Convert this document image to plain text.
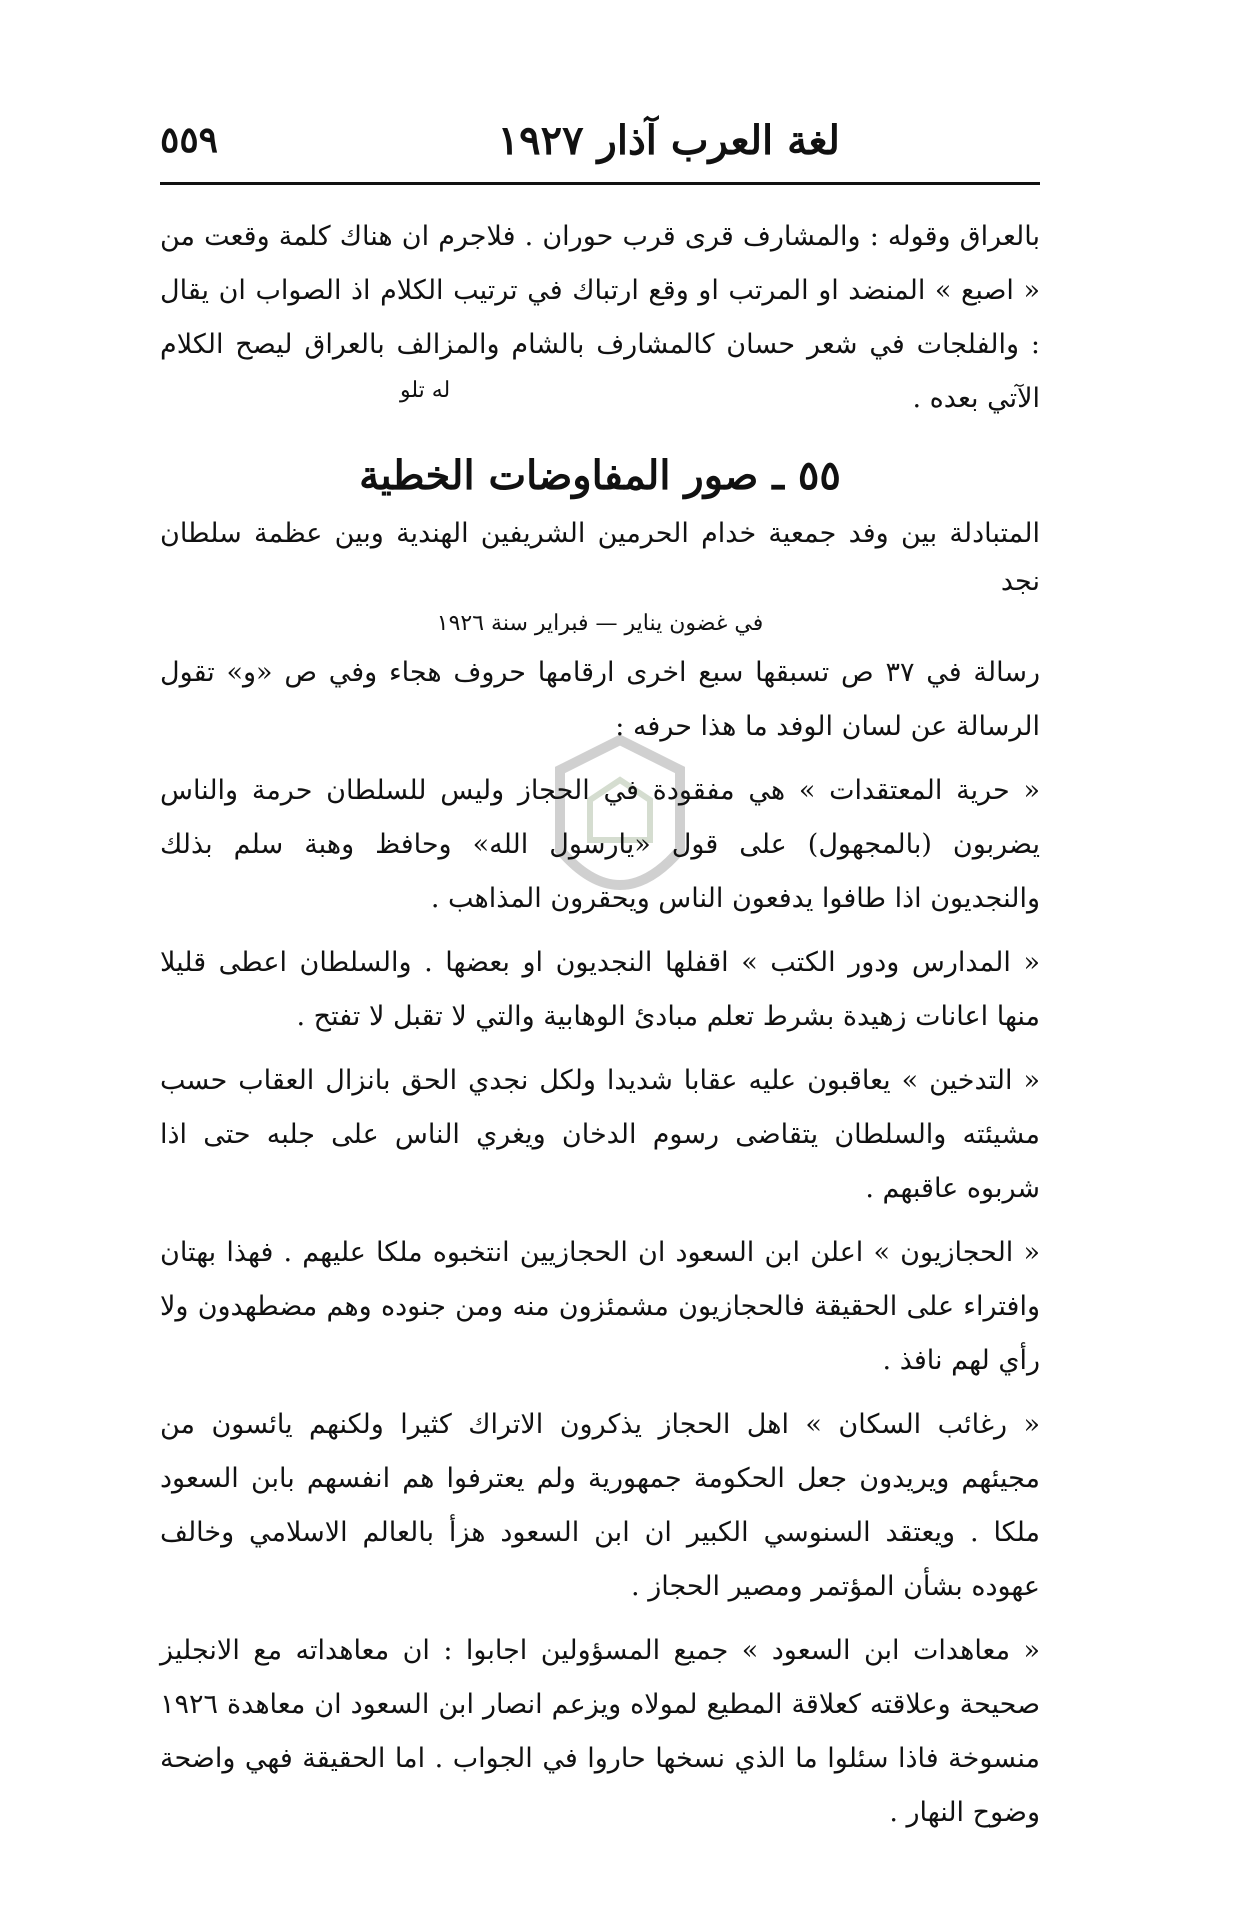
لغة العرب آذار ١٩٢٧
٥٥٩

بالعراق وقوله : والمشارف قرى قرب حوران . فلاجرم ان هناك كلمة وقعت من « اصبع » المنضد او المرتب او وقع ارتباك في ترتيب الكلام اذ الصواب ان يقال : والفلجات في شعر حسان كالمشارف بالشام والمزالف بالعراق ليصح الكلام الآتي بعده .

له تلو
٥٥ ـ صور المفاوضات الخطية

المتبادلة بين وفد جمعية خدام الحرمين الشريفين الهندية وبين عظمة سلطان نجد

في غضون يناير — فبراير سنة ١٩٢٦

رسالة في ٣٧ ص تسبقها سبع اخرى ارقامها حروف هجاء وفي ص «و» تقول الرسالة عن لسان الوفد ما هذا حرفه :

« حرية المعتقدات » هي مفقودة في الحجاز وليس للسلطان حرمة والناس يضربون (بالمجهول) على قول «يارسول الله» وحافظ وهبة سلم بذلك والنجديون اذا طافوا يدفعون الناس ويحقرون المذاهب .

« المدارس ودور الكتب » اقفلها النجديون او بعضها . والسلطان اعطى قليلا منها اعانات زهيدة بشرط تعلم مبادئ الوهابية والتي لا تقبل لا تفتح .

« التدخين » يعاقبون عليه عقابا شديدا ولكل نجدي الحق بانزال العقاب حسب مشيئته والسلطان يتقاضى رسوم الدخان ويغري الناس على جلبه حتى اذا شربوه عاقبهم .

« الحجازيون » اعلن ابن السعود ان الحجازيين انتخبوه ملكا عليهم . فهذا بهتان وافتراء على الحقيقة فالحجازيون مشمئزون منه ومن جنوده وهم مضطهدون ولا رأي لهم نافذ .

« رغائب السكان » اهل الحجاز يذكرون الاتراك كثيرا ولكنهم يائسون من مجيئهم ويريدون جعل الحكومة جمهورية ولم يعترفوا هم انفسهم بابن السعود ملكا . ويعتقد السنوسي الكبير ان ابن السعود هزأ بالعالم الاسلامي وخالف عهوده بشأن المؤتمر ومصير الحجاز .

« معاهدات ابن السعود » جميع المسؤولين اجابوا : ان معاهداته مع الانجليز صحيحة وعلاقته كعلاقة المطيع لمولاه ويزعم انصار ابن السعود ان معاهدة ١٩٢٦ منسوخة فاذا سئلوا ما الذي نسخها حاروا في الجواب . اما الحقيقة فهي واضحة وضوح النهار .
